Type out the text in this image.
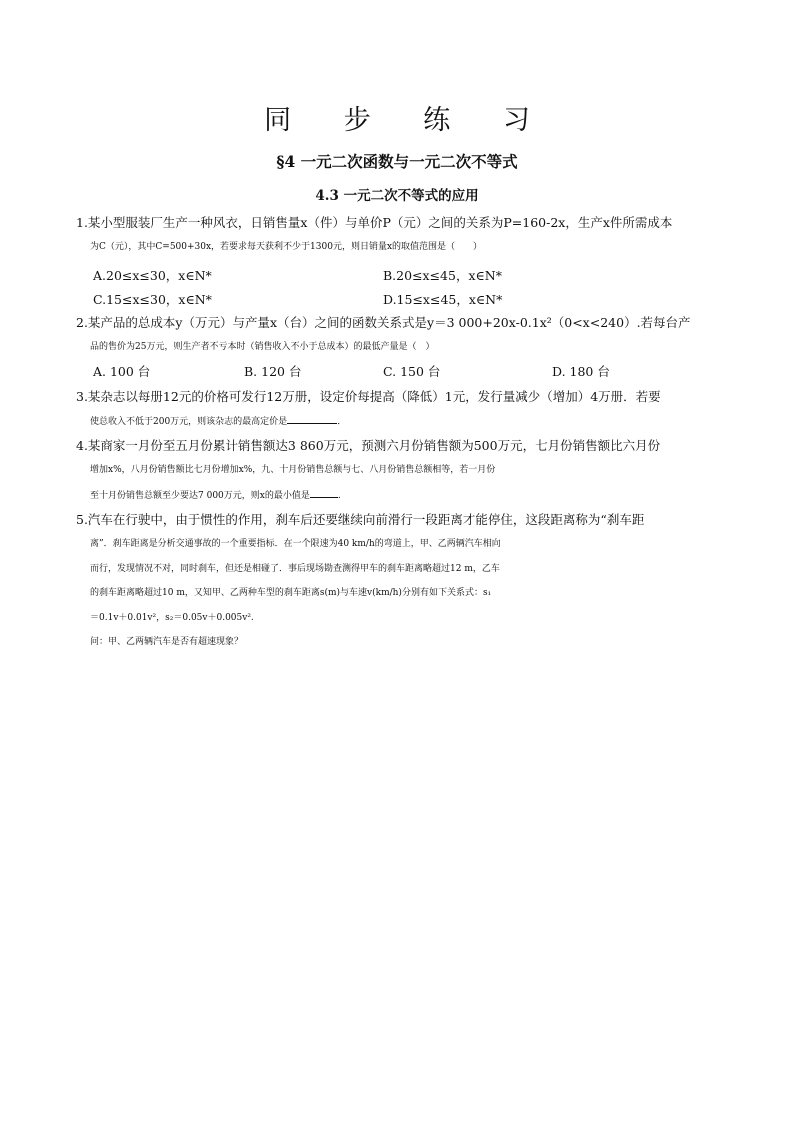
同 步 练 习
§4 一元二次函数与一元二次不等式
4.3 一元二次不等式的应用
1.某小型服装厂生产一种风衣，日销售量x（件）与单价P（元）之间的关系为P=160-2x，生产x件所需成本
为C（元），其中C=500+30x，若要求每天获利不少于1300元，则日销量x的取值范围是（　　）
A.20≤x≤30，x∈N*	B.20≤x≤45，x∈N*
C.15≤x≤30，x∈N*	D.15≤x≤45，x∈N*
2.某产品的总成本y（万元）与产量x（台）之间的函数关系式是y＝3 000+20x-0.1x²（0<x<240）.若每台产
品的售价为25万元，则生产者不亏本时（销售收入不小于总成本）的最低产量是（　）
A. 100 台	B. 120 台	C. 150 台	D. 180 台
3.某杂志以每册12元的价格可发行12万册，设定价每提高（降低）1元，发行量减少（增加）4万册．若要
使总收入不低于200万元，则该杂志的最高定价是	．
4.某商家一月份至五月份累计销售额达3 860万元，预测六月份销售额为500万元，七月份销售额比六月份
增加x%，八月份销售额比七月份增加x%，九、十月份销售总额与七、八月份销售总额相等，若一月份
至十月份销售总额至少要达7 000万元，则x的最小值是	.
5.汽车在行驶中，由于惯性的作用，刹车后还要继续向前滑行一段距离才能停住，这段距离称为“刹车距
离”．刹车距离是分析交通事故的一个重要指标．在一个限速为40 km/h的弯道上，甲、乙两辆汽车相向
而行，发现情况不对，同时刹车，但还是相碰了．事后现场勘查测得甲车的刹车距离略超过12 m，乙车
的刹车距离略超过10 m，又知甲、乙两种车型的刹车距离s(m)与车速v(km/h)分别有如下关系式：s₁
＝0.1v＋0.01v²，s₂＝0.05v＋0.005v².
问：甲、乙两辆汽车是否有超速现象？
